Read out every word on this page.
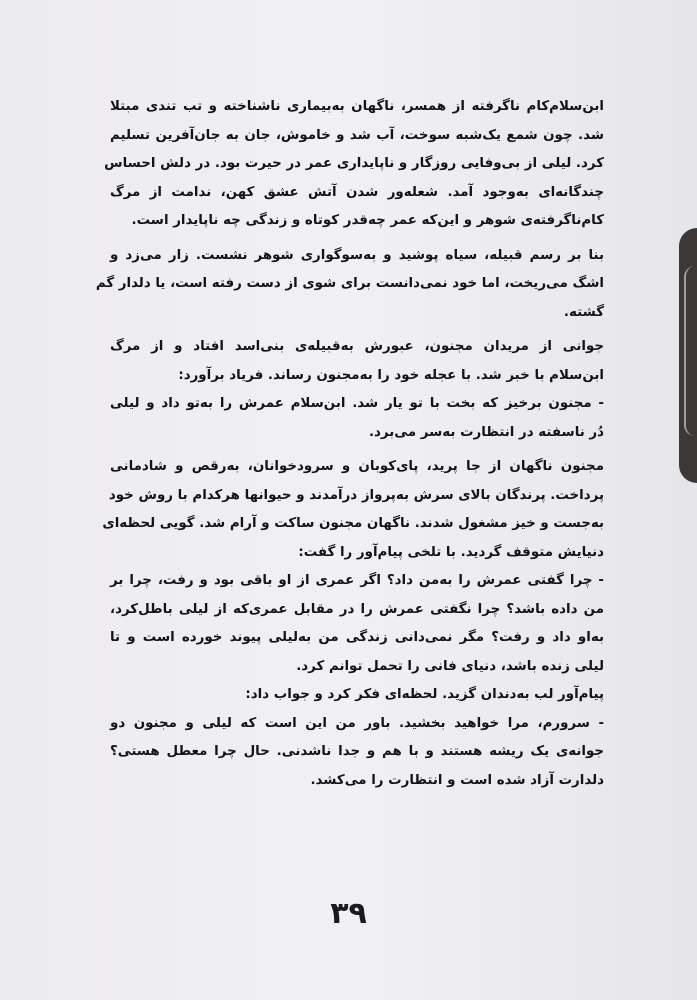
ابن‌سلام‌کام ناگرفته از همسر، ناگهان به‌بیماری ناشناخته و تب تندی مبتلا
شد. چون شمع یک‌شبه سوخت، آب شد و خاموش، جان به جان‌آفرین تسلیم
کرد. لیلی از بی‌وفایی روزگار و ناپایداری عمر در حیرت بود. در دلش احساس
چندگانه‌ای به‌وجود آمد. شعله‌ور شدن آتش عشق کهن، ندامت از مرگ
کام‌ناگرفته‌ی شوهر و این‌که عمر چه‌قدر کوتاه و زندگی چه ناپایدار است.
بنا بر رسم قبیله، سیاه پوشید و به‌سوگواری شوهر نشست. زار می‌زد و
اشگ می‌ریخت، اما خود نمی‌دانست برای شوی از دست رفته است، یا دلدار گم
گشته.
جوانی از مریدان مجنون، عبورش به‌قبیله‌ی بنی‌اسد افتاد و از مرگ
ابن‌سلام با خبر شد. با عجله خود را به‌مجنون رساند. فریاد برآورد:
- مجنون برخیز که بخت با تو یار شد. ابن‌سلام عمرش را به‌تو داد و لیلی
دُر ناسفته در انتظارت به‌سر می‌برد.
مجنون ناگهان از جا پرید، پای‌کوبان و سرودخوانان، به‌رقص و شادمانی
پرداخت. پرندگان بالای سرش به‌پرواز درآمدند و حیوانها هرکدام با روش خود
به‌جست و خیز مشغول شدند. ناگهان مجنون ساکت و آرام شد. گویی لحظه‌ای
دنیایش متوقف گردید. با تلخی پیام‌آور را گفت:
- چرا گفتی عمرش را به‌من داد؟ اگر عمری از او باقی بود و رفت، چرا بر
من داده باشد؟ چرا نگفتی عمرش را در مقابل عمری‌که از لیلی باطل‌کرد،
به‌او داد و رفت؟ مگر نمی‌دانی زندگی من به‌لیلی پیوند خورده است و تا
لیلی زنده باشد، دنیای فانی را تحمل توانم کرد.
پیام‌آور لب به‌دندان گزید. لحظه‌ای فکر کرد و جواب داد:
- سرورم، مرا خواهید بخشید. باور من این است که لیلی و مجنون دو
جوانه‌ی یک ریشه هستند و با هم و جدا ناشدنی. حال چرا معطل هستی؟
دلدارت آزاد شده است و انتظارت را می‌کشد.
۳۹
